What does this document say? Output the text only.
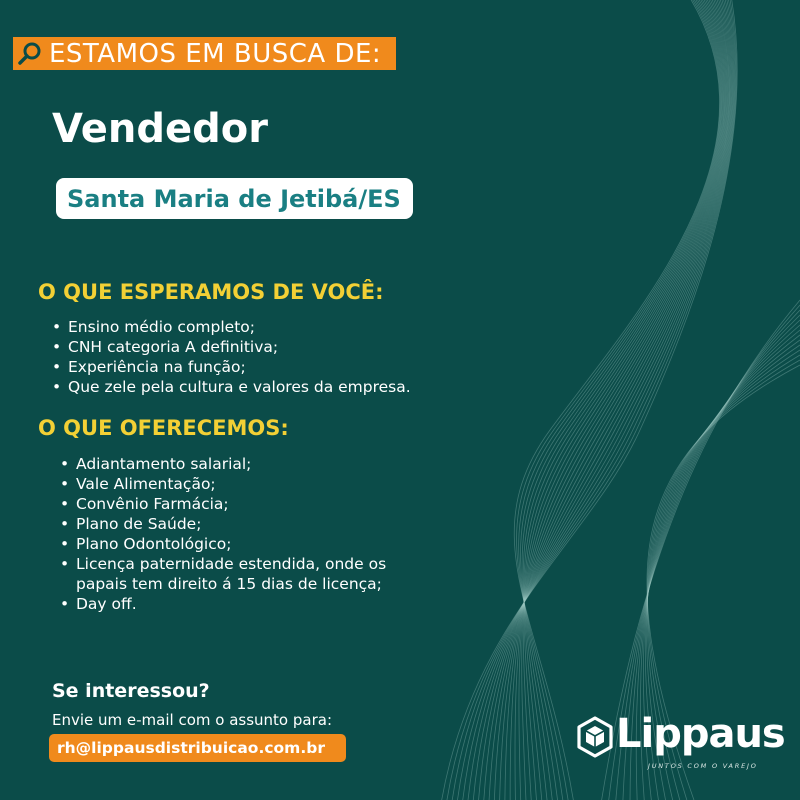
ESTAMOS EM BUSCA DE:
Vendedor
Santa Maria de Jetibá/ES
O QUE ESPERAMOS DE VOCÊ:
• Ensino médio completo;
• CNH categoria A definitiva;
• Experiência na função;
• Que zele pela cultura e valores da empresa.
O QUE OFERECEMOS:
• Adiantamento salarial;
• Vale Alimentação;
• Convênio Farmácia;
• Plano de Saúde;
• Plano Odontológico;
• Licença paternidade estendida, onde os
papais tem direito á 15 dias de licença;
• Day off.
Se interessou?
Envie um e-mail com o assunto para:
rh@lippausdistribuicao.com.br	Lippaus
JUNTOS COM O VAREJO
